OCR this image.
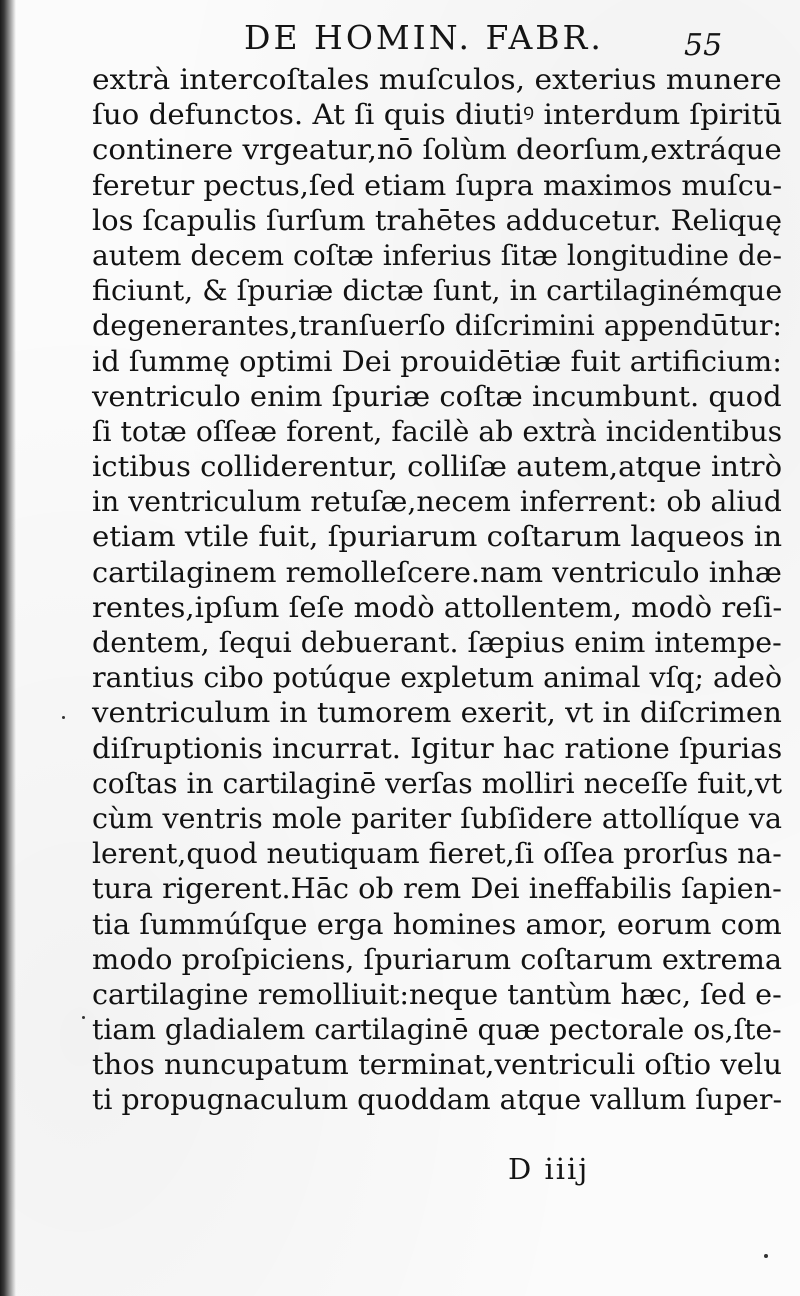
DE HOMIN. FABR.	55
extrà intercoſtales muſculos, exterius munere
ſuo defunctos. At ſi quis diutiꝰ interdum ſpiritū
continere vrgeatur,nō ſolùm deorſum,extráque
feretur pectus,ſed etiam ſupra maximos muſcu-
los ſcapulis ſurſum trahētes adducetur. Reliquę
autem decem coſtæ inferius ſitæ longitudine de-
ficiunt, & ſpuriæ dictæ ſunt, in cartilaginémque
degenerantes,tranſuerſo diſcrimini appendūtur:
id ſummę optimi Dei prouidētiæ fuit artificium:
ventriculo enim ſpuriæ coſtæ incumbunt. quod
ſi totæ oſſeæ forent, facilè ab extrà incidentibus
ictibus colliderentur, colliſæ autem,atque intrò
in ventriculum retuſæ,necem inferrent: ob aliud
etiam vtile fuit, ſpuriarum coſtarum laqueos in
cartilaginem remolleſcere.nam ventriculo inhæ
rentes,ipſum ſeſe modò attollentem, modò reſi-
dentem, ſequi debuerant. ſæpius enim intempe-
rantius cibo potúque expletum animal vſq; adeò
ventriculum in tumorem exerit, vt in diſcrimen
diſruptionis incurrat. Igitur hac ratione ſpurias
coſtas in cartilaginē verſas molliri neceſſe fuit,vt
cùm ventris mole pariter ſubſidere attollíque va
lerent,quod neutiquam fieret,ſi oſſea prorſus na-
tura rigerent.Hāc ob rem Dei ineffabilis ſapien-
tia ſummúſque erga homines amor, eorum com
modo proſpiciens, ſpuriarum coſtarum extrema
cartilagine remolliuit:neque tantùm hæc, ſed e-
tiam gladialem cartilaginē quæ pectorale os,ſte-
thos nuncupatum terminat,ventriculi oſtio velu
ti propugnaculum quoddam atque vallum ſuper-
D iiij
